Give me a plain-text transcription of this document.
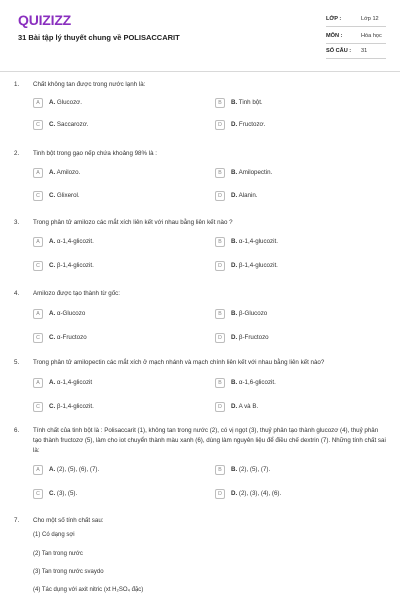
QUIZIZZ
31 Bài tập lý thuyết chung về POLISACCARIT
LỚP :	Lớp 12
MÔN :	Hóa học
SỐ CÂU : 31
1. Chất không tan được trong nước lạnh là:
A	A. Glucozơ.	B	B. Tinh bột.
C	C. Saccarozơ.	D	D. Fructozơ.
2. Tinh bột trong gạo nếp chứa khoảng 98% là :
A	A. Amilozo.	B	B. Amilopectin.
C	C. Glixerol.	D	D. Alanin.
3. Trong phân tử amilozo các mắt xích liên kết với nhau bằng liên kết nào ?
A	A. α-1,4-glicozit.	B	B. α-1,4-glucozit.
C	C. β-1,4-glicozit.	D	D. β-1,4-glucozit.
4. Amilozo được tạo thành từ gốc:
A	A. α-Glucozo	B	B. β-Glucozo
C	C. α-Fructozo	D	D. β-Fructozo
5. Trong phân tử amilopectin các mắt xích ở mạch nhánh và mạch chính liên kết với nhau bằng liên kết nào?
A	A. α-1,4-glicozit	B	B. α-1,6-glicozit.
C	C. β-1,4-glicozit.	D	D. A và B.
6. Tính chất của tinh bột là : Polisaccarit (1), không tan trong nước (2), có vị ngọt (3), thuỷ phân tạo thành glucozơ (4), thuỷ phân tạo thành fructozơ (5), làm cho iot chuyển thành màu xanh (6), dùng làm nguyên liệu để điều chế dextrin (7). Những tính chất sai là:
A	A. (2), (5), (6), (7).	B	B. (2), (5), (7).
C	C. (3), (5).	D	D. (2), (3), (4), (6).
7. Cho một số tính chất sau:
(1) Có dạng sợi
(2) Tan trong nước
(3) Tan trong nước svaydo
(4) Tác dụng với axit nitric (xt H₂SO₄ đặc)
